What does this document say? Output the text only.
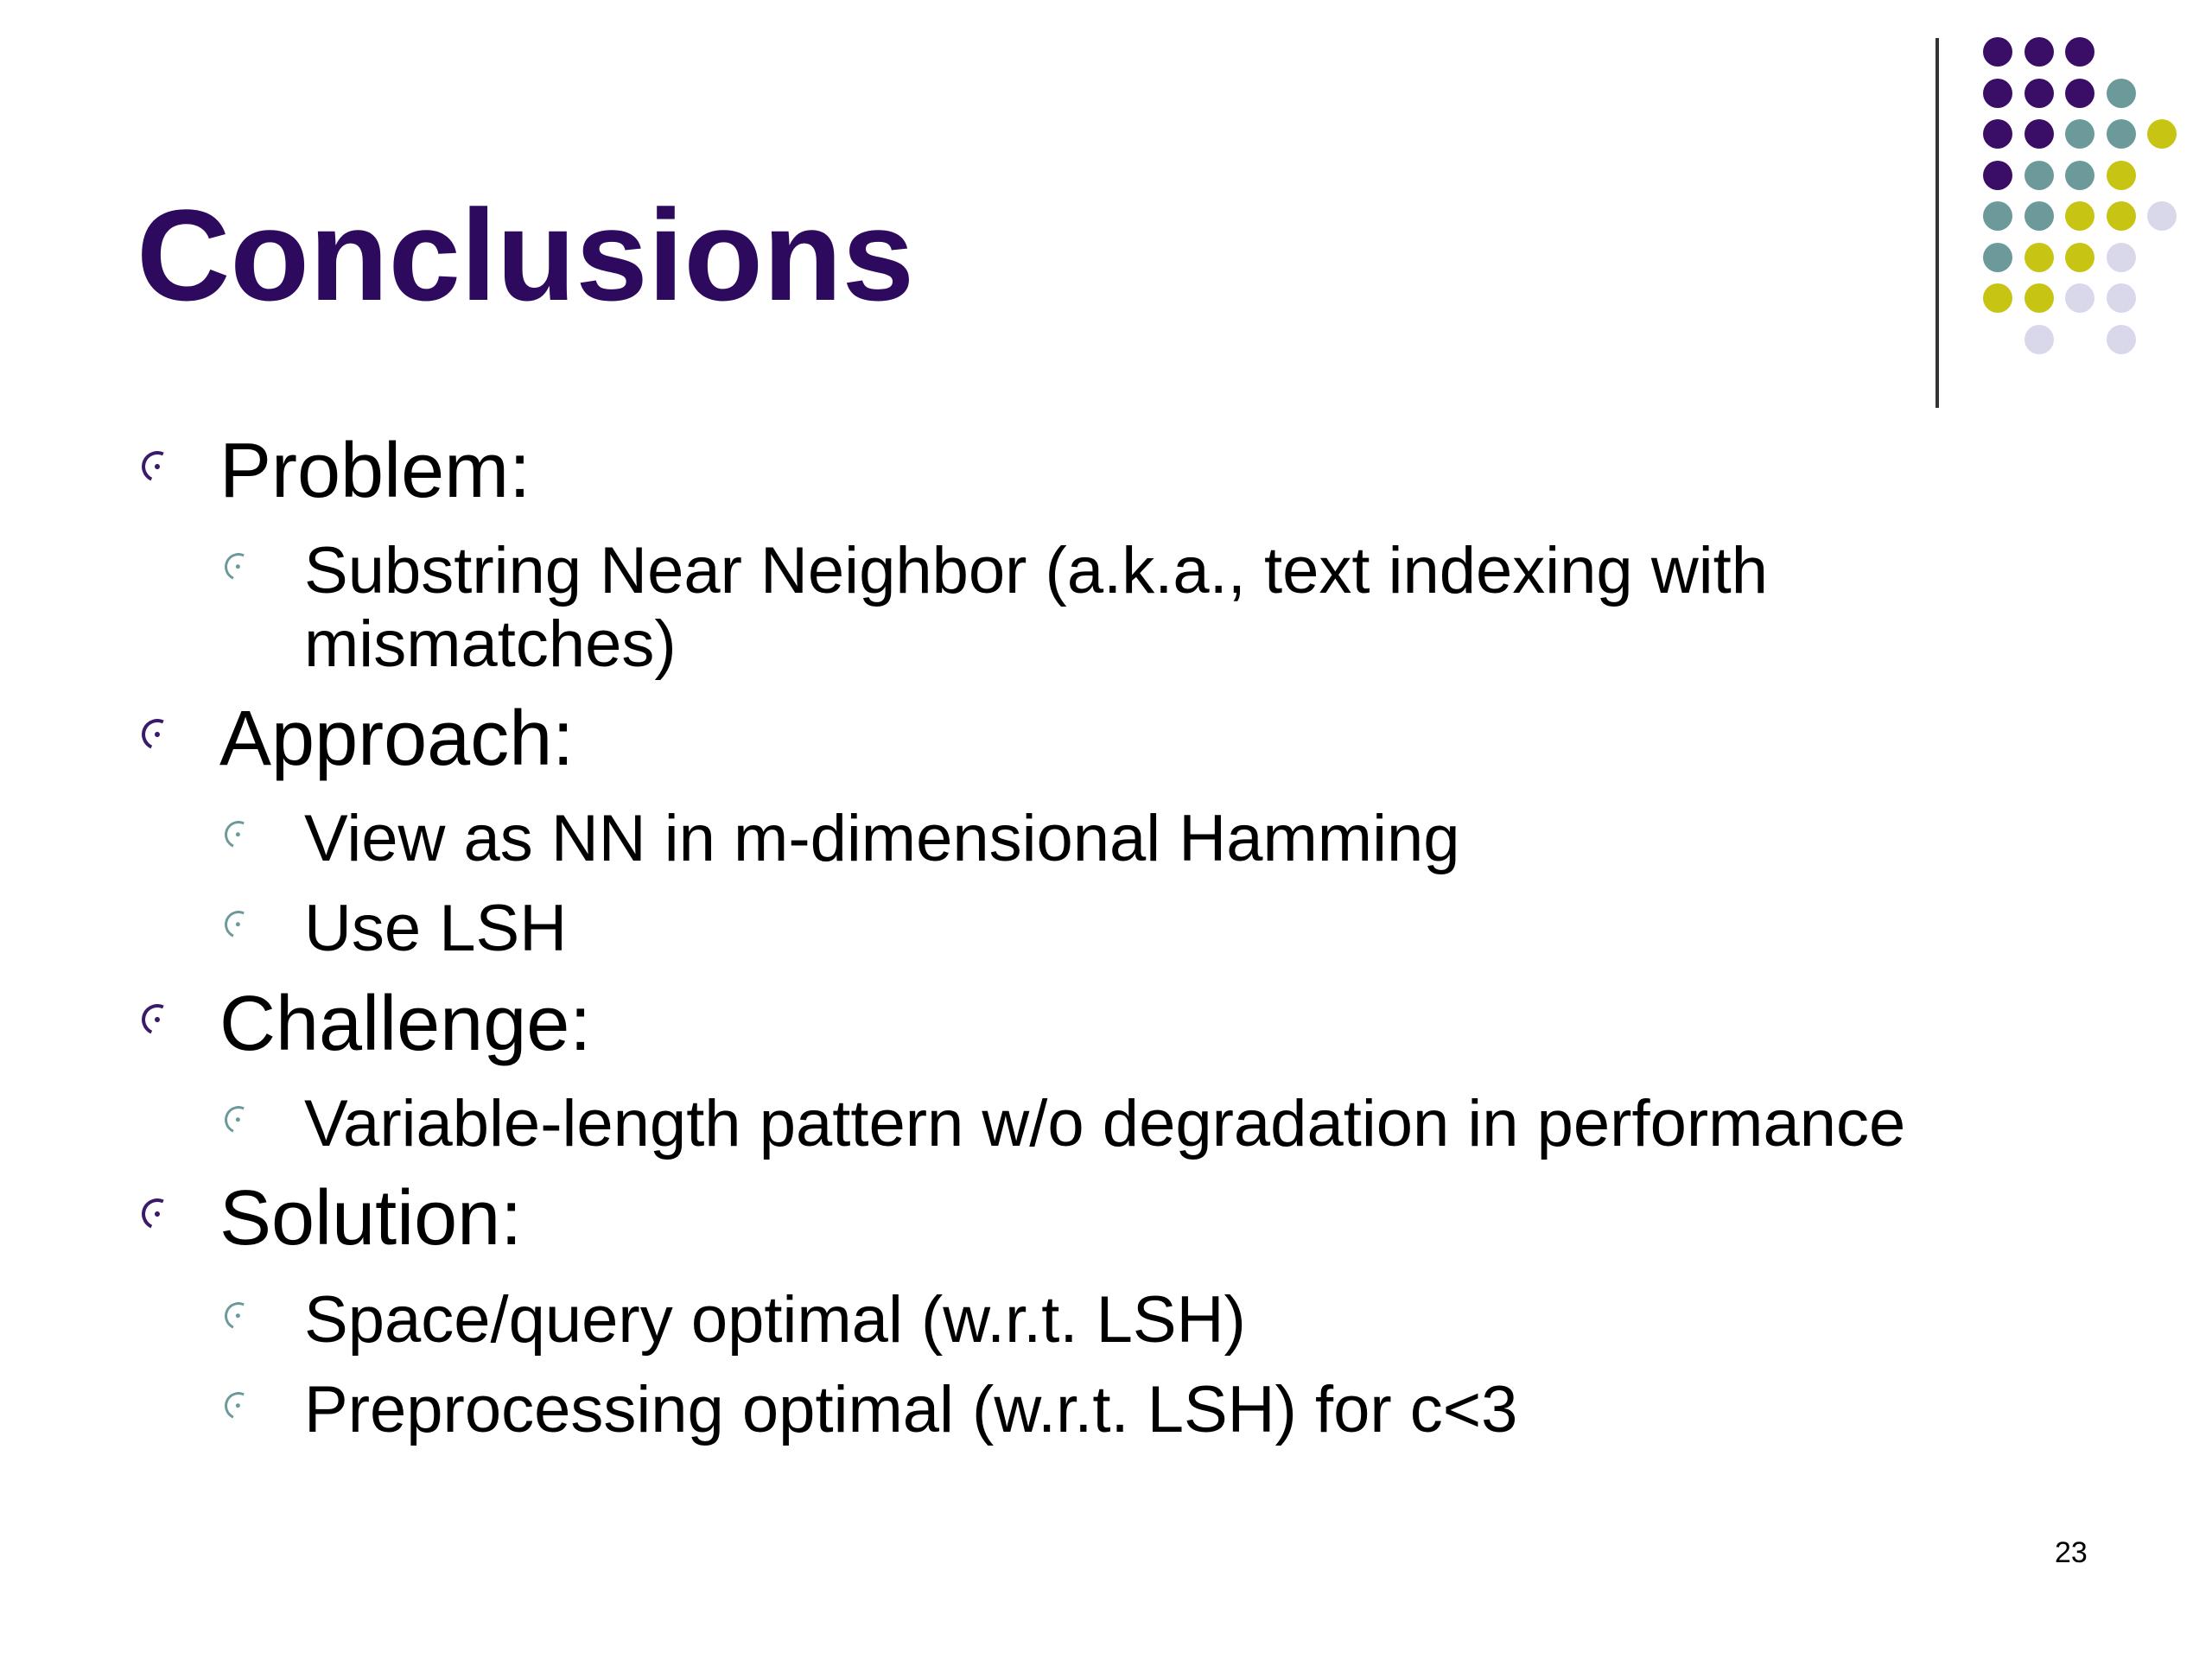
Conclusions
Problem:
Substring Near Neighbor (a.k.a., text indexing with
mismatches)
Approach:
View as NN in m-dimensional Hamming
Use LSH
Challenge:
Variable-length pattern w/o degradation in performance
Solution:
Space/query optimal (w.r.t. LSH)
Preprocessing optimal (w.r.t. LSH) for c<3
23
